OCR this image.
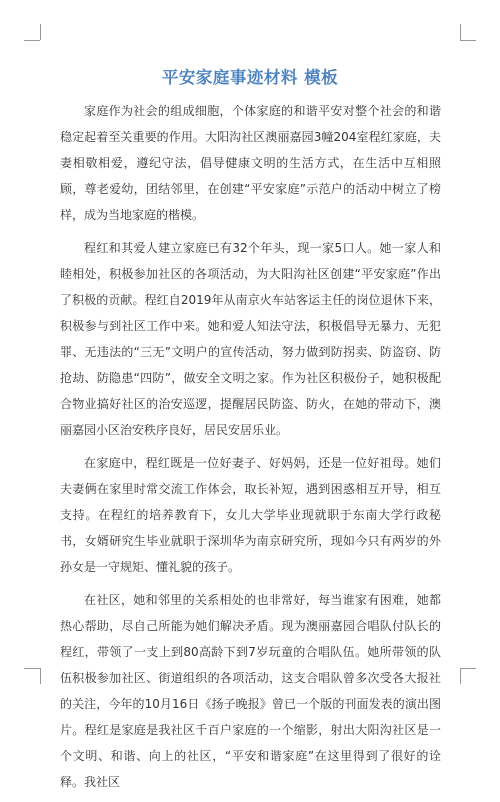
平安家庭事迹材料 模板

家庭作为社会的组成细胞，个体家庭的和谐平安对整个社会的和谐稳定起着至关重要的作用。大阳沟社区澳丽嘉园3幢204室程红家庭，夫妻相敬相爱，遵纪守法，倡导健康文明的生活方式，在生活中互相照顾，尊老爱幼，团结邻里，在创建“平安家庭”示范户的活动中树立了榜样，成为当地家庭的楷模。

程红和其爱人建立家庭已有32个年头，现一家5口人。她一家人和睦相处，积极参加社区的各项活动，为大阳沟社区创建“平安家庭”作出了积极的贡献。程红自2019年从南京火车站客运主任的岗位退休下来，积极参与到社区工作中来。她和爱人知法守法，积极倡导无暴力、无犯罪、无违法的“三无”文明户的宣传活动，努力做到防拐卖、防盗窃、防抢劫、防隐患“四防”，做安全文明之家。作为社区积极份子，她积极配合物业搞好社区的治安巡逻，提醒居民防盗、防火，在她的带动下，澳丽嘉园小区治安秩序良好，居民安居乐业。

在家庭中，程红既是一位好妻子、好妈妈，还是一位好祖母。她们夫妻俩在家里时常交流工作体会，取长补短，遇到困惑相互开导，相互支持。在程红的培养教育下，女儿大学毕业现就职于东南大学行政秘书，女婿研究生毕业就职于深圳华为南京研究所，现如今只有两岁的外孙女是一守规矩、懂礼貌的孩子。

在社区，她和邻里的关系相处的也非常好，每当谁家有困难，她都热心帮助，尽自己所能为她们解决矛盾。现为澳丽嘉园合唱队付队长的程红，带领了一支上到80高龄下到7岁玩童的合唱队伍。她所带领的队伍积极参加社区、街道组织的各项活动，这支合唱队曾多次受各大报社的关注，今年的10月16日《扬子晚报》曾已一个版的刊面发表的演出图片。程红是家庭是我社区千百户家庭的一个缩影，射出大阳沟社区是一个文明、和谐、向上的社区，“平安和谐家庭”在这里得到了很好的诠释。我社区
